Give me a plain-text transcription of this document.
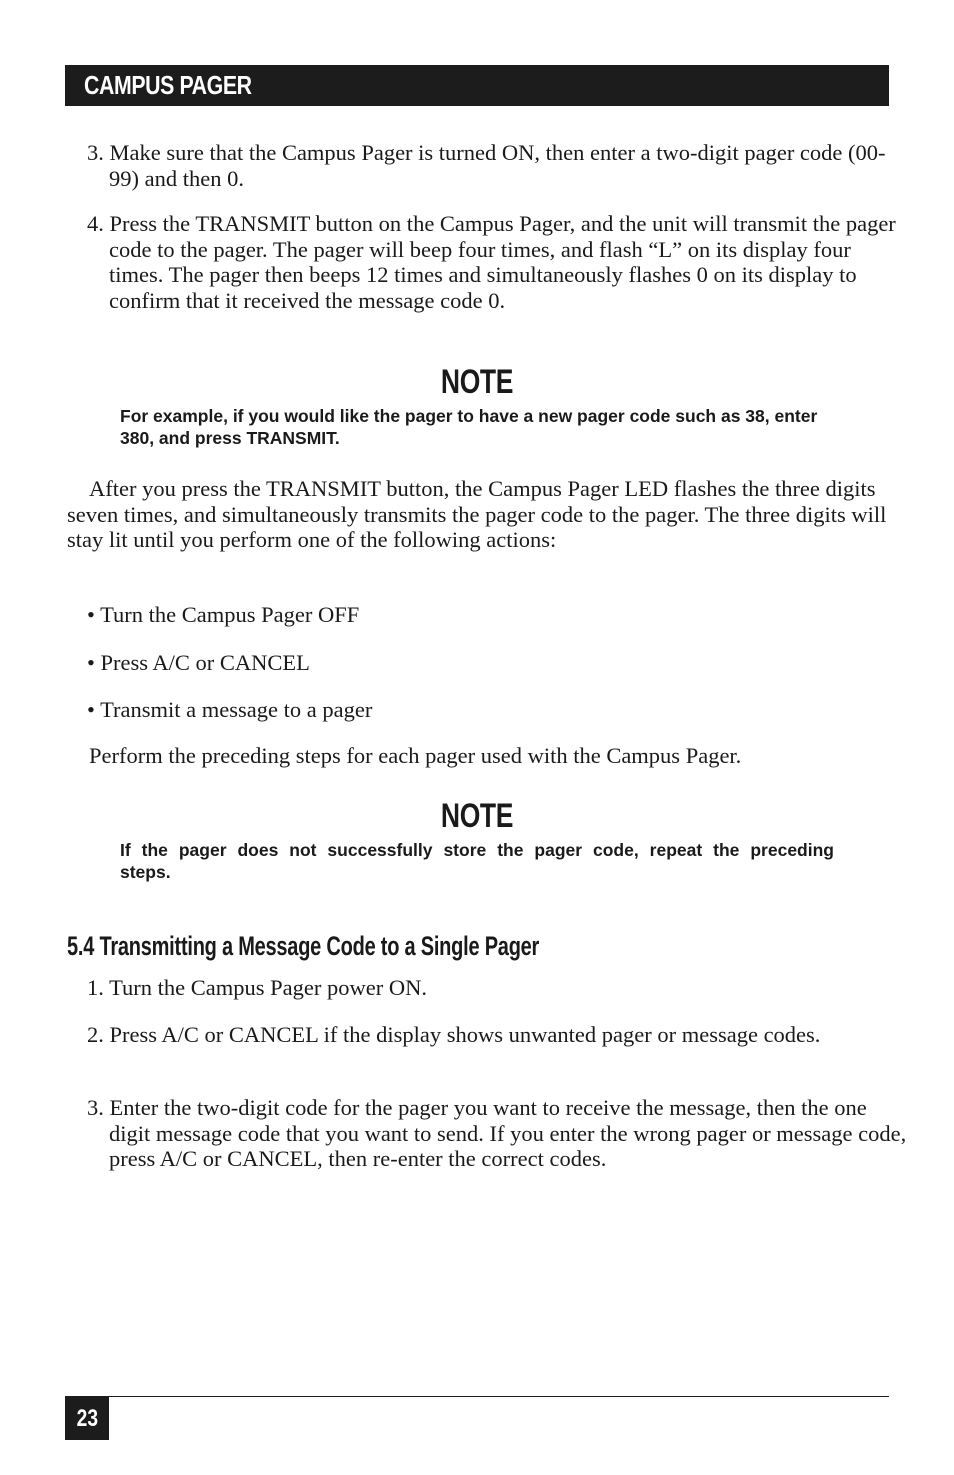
CAMPUS PAGER

3. Make sure that the Campus Pager is turned ON, then enter a two-digit pager code (00-99) and then 0.

4. Press the TRANSMIT button on the Campus Pager, and the unit will transmit the pager code to the pager. The pager will beep four times, and flash “L” on its display four times. The pager then beeps 12 times and simultaneously flashes 0 on its display to confirm that it received the message code 0.

NOTE

For example, if you would like the pager to have a new pager code such as 38, enter 380, and press TRANSMIT.

After you press the TRANSMIT button, the Campus Pager LED flashes the three digits seven times, and simultaneously transmits the pager code to the pager. The three digits will stay lit until you perform one of the following actions:

• Turn the Campus Pager OFF

• Press A/C or CANCEL

• Transmit a message to a pager

Perform the preceding steps for each pager used with the Campus Pager.

NOTE

If the pager does not successfully store the pager code, repeat the preceding steps.

5.4 Transmitting a Message Code to a Single Pager

1. Turn the Campus Pager power ON.

2. Press A/C or CANCEL if the display shows unwanted pager or message codes.

3. Enter the two-digit code for the pager you want to receive the message, then the one digit message code that you want to send. If you enter the wrong pager or message code, press A/C or CANCEL, then re-enter the correct codes.

23
